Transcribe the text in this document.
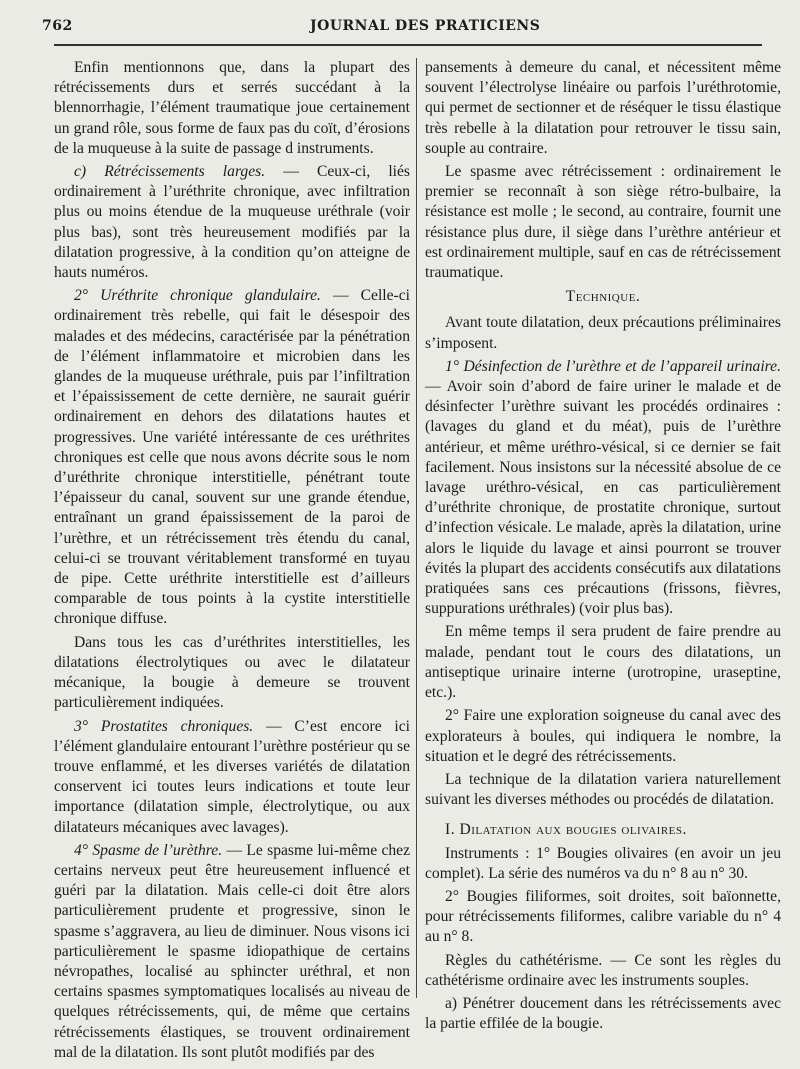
762	JOURNAL DES PRATICIENS

Enfin mentionnons que, dans la plupart des rétrécissements durs et serrés succédant à la blennorrhagie, l’élément traumatique joue certainement un grand rôle, sous forme de faux pas du coït, d’érosions de la muqueuse à la suite de passage d instruments.

c) Rétrécissements larges. — Ceux-ci, liés ordinairement à l’uréthrite chronique, avec infiltration plus ou moins étendue de la muqueuse uréthrale (voir plus bas), sont très heureusement modifiés par la dilatation progressive, à la condition qu’on atteigne de hauts numéros.

2° Uréthrite chronique glandulaire. — Celle-ci ordinairement très rebelle, qui fait le désespoir des malades et des médecins, caractérisée par la pénétration de l’élément inflammatoire et microbien dans les glandes de la muqueuse uréthrale, puis par l’infiltration et l’épaississement de cette dernière, ne saurait guérir ordinairement en dehors des dilatations hautes et progressives. Une variété intéressante de ces uréthrites chroniques est celle que nous avons décrite sous le nom d’uréthrite chronique interstitielle, pénétrant toute l’épaisseur du canal, souvent sur une grande étendue, entraînant un grand épaississement de la paroi de l’urèthre, et un rétrécissement très étendu du canal, celui-ci se trouvant véritablement transformé en tuyau de pipe. Cette uréthrite interstitielle est d’ailleurs comparable de tous points à la cystite interstitielle chronique diffuse.

Dans tous les cas d’uréthrites interstitielles, les dilatations électrolytiques ou avec le dilatateur mécanique, la bougie à demeure se trouvent particulièrement indiquées.

3° Prostatites chroniques. — C’est encore ici l’élément glandulaire entourant l’urèthre postérieur qu se trouve enflammé, et les diverses variétés de dilatation conservent ici toutes leurs indications et toute leur importance (dilatation simple, électrolytique, ou aux dilatateurs mécaniques avec lavages).

4° Spasme de l’urèthre. — Le spasme lui-même chez certains nerveux peut être heureusement influencé et guéri par la dilatation. Mais celle-ci doit être alors particulièrement prudente et progressive, sinon le spasme s’aggravera, au lieu de diminuer. Nous visons ici particulièrement le spasme idiopathique de certains névropathes, localisé au sphincter uréthral, et non certains spasmes symptomatiques localisés au niveau de quelques rétrécissements, qui, de même que certains rétrécissements élastiques, se trouvent ordinairement mal de la dilatation. Ils sont plutôt modifiés par des

pansements à demeure du canal, et nécessitent même souvent l’électrolyse linéaire ou parfois l’uréthrotomie, qui permet de sectionner et de réséquer le tissu élastique très rebelle à la dilatation pour retrouver le tissu sain, souple au contraire.

Le spasme avec rétrécissement : ordinairement le premier se reconnaît à son siège rétro-bulbaire, la résistance est molle ; le second, au contraire, fournit une résistance plus dure, il siège dans l’urèthre antérieur et est ordinairement multiple, sauf en cas de rétrécissement traumatique.

Technique.

Avant toute dilatation, deux précautions préliminaires s’imposent.

1° Désinfection de l’urèthre et de l’appareil urinaire. — Avoir soin d’abord de faire uriner le malade et de désinfecter l’urèthre suivant les procédés ordinaires : (lavages du gland et du méat), puis de l’urèthre antérieur, et même uréthro-vésical, si ce dernier se fait facilement. Nous insistons sur la nécessité absolue de ce lavage uréthro-vésical, en cas particulièrement d’uréthrite chronique, de prostatite chronique, surtout d’infection vésicale. Le malade, après la dilatation, urine alors le liquide du lavage et ainsi pourront se trouver évités la plupart des accidents consécutifs aux dilatations pratiquées sans ces précautions (frissons, fièvres, suppurations uréthrales) (voir plus bas).

En même temps il sera prudent de faire prendre au malade, pendant tout le cours des dilatations, un antiseptique urinaire interne (urotropine, uraseptine, etc.).

2° Faire une exploration soigneuse du canal avec des explorateurs à boules, qui indiquera le nombre, la situation et le degré des rétrécissements.

La technique de la dilatation variera naturellement suivant les diverses méthodes ou procédés de dilatation.

I. Dilatation aux bougies olivaires.

Instruments : 1° Bougies olivaires (en avoir un jeu complet). La série des numéros va du n° 8 au n° 30.

2° Bougies filiformes, soit droites, soit baïonnette, pour rétrécissements filiformes, calibre variable du n° 4 au n° 8.

Règles du cathétérisme. — Ce sont les règles du cathétérisme ordinaire avec les instruments souples.

a) Pénétrer doucement dans les rétrécissements avec la partie effilée de la bougie.
